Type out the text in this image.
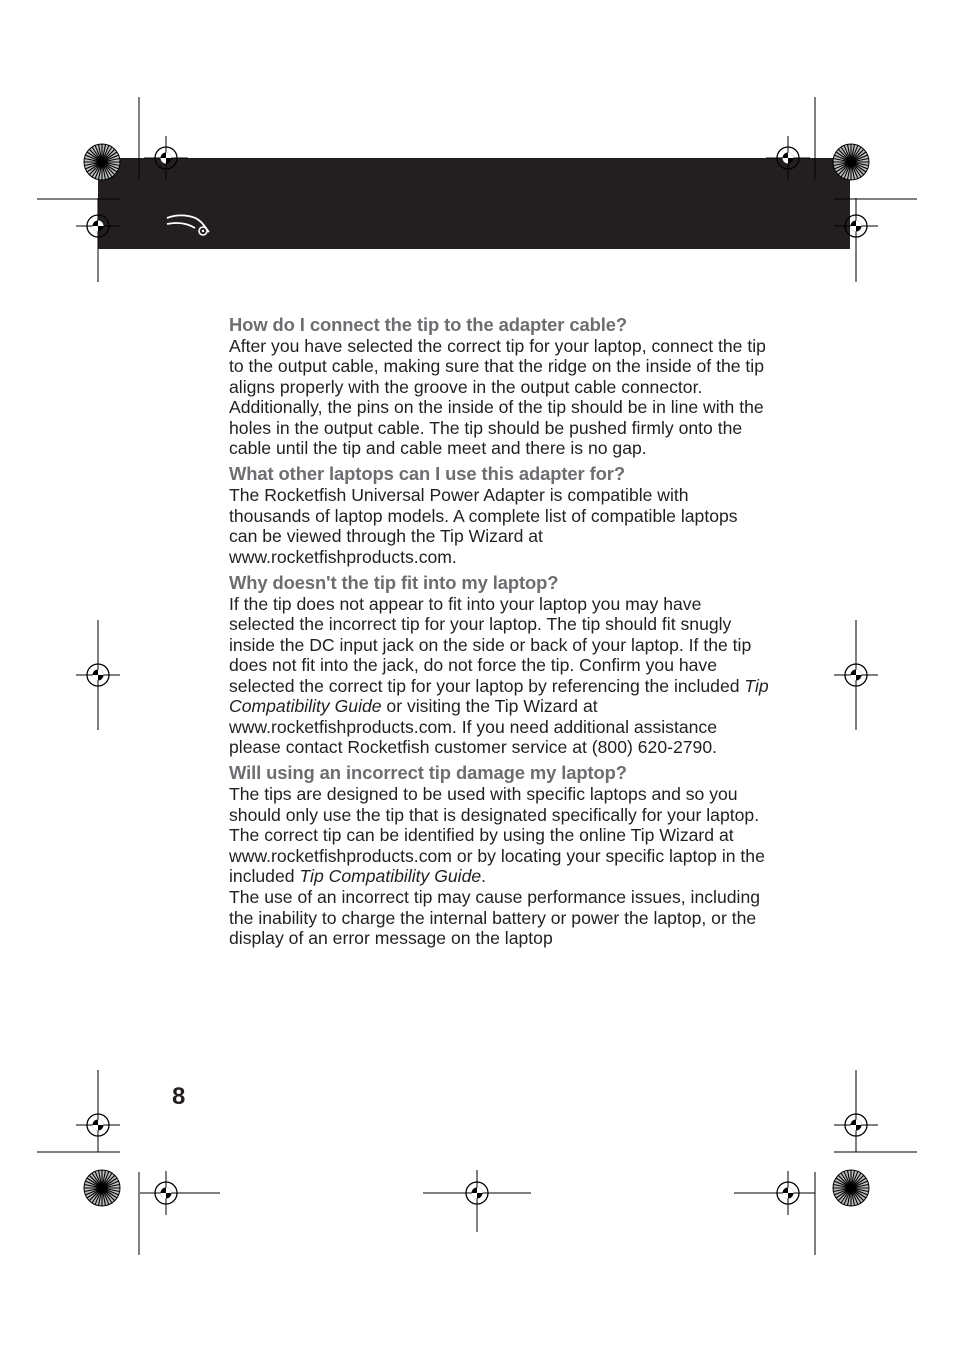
How do I connect the tip to the adapter cable?

After you have selected the correct tip for your laptop, connect the tip to the output cable, making sure that the ridge on the inside of the tip aligns properly with the groove in the output cable connector. Additionally, the pins on the inside of the tip should be in line with the holes in the output cable. The tip should be pushed firmly onto the cable until the tip and cable meet and there is no gap.

What other laptops can I use this adapter for?

The Rocketfish Universal Power Adapter is compatible with thousands of laptop models. A complete list of compatible laptops can be viewed through the Tip Wizard at www.rocketfishproducts.com.

Why doesn't the tip fit into my laptop?

If the tip does not appear to fit into your laptop you may have selected the incorrect tip for your laptop. The tip should fit snugly inside the DC input jack on the side or back of your laptop. If the tip does not fit into the jack, do not force the tip. Confirm you have selected the correct tip for your laptop by referencing the included Tip Compatibility Guide or visiting the Tip Wizard at www.rocketfishproducts.com. If you need additional assistance please contact Rocketfish customer service at (800) 620-2790.

Will using an incorrect tip damage my laptop?

The tips are designed to be used with specific laptops and so you should only use the tip that is designated specifically for your laptop. The correct tip can be identified by using the online Tip Wizard at www.rocketfishproducts.com or by locating your specific laptop in the included Tip Compatibility Guide.

The use of an incorrect tip may cause performance issues, including the inability to charge the internal battery or power the laptop, or the display of an error message on the laptop

8
